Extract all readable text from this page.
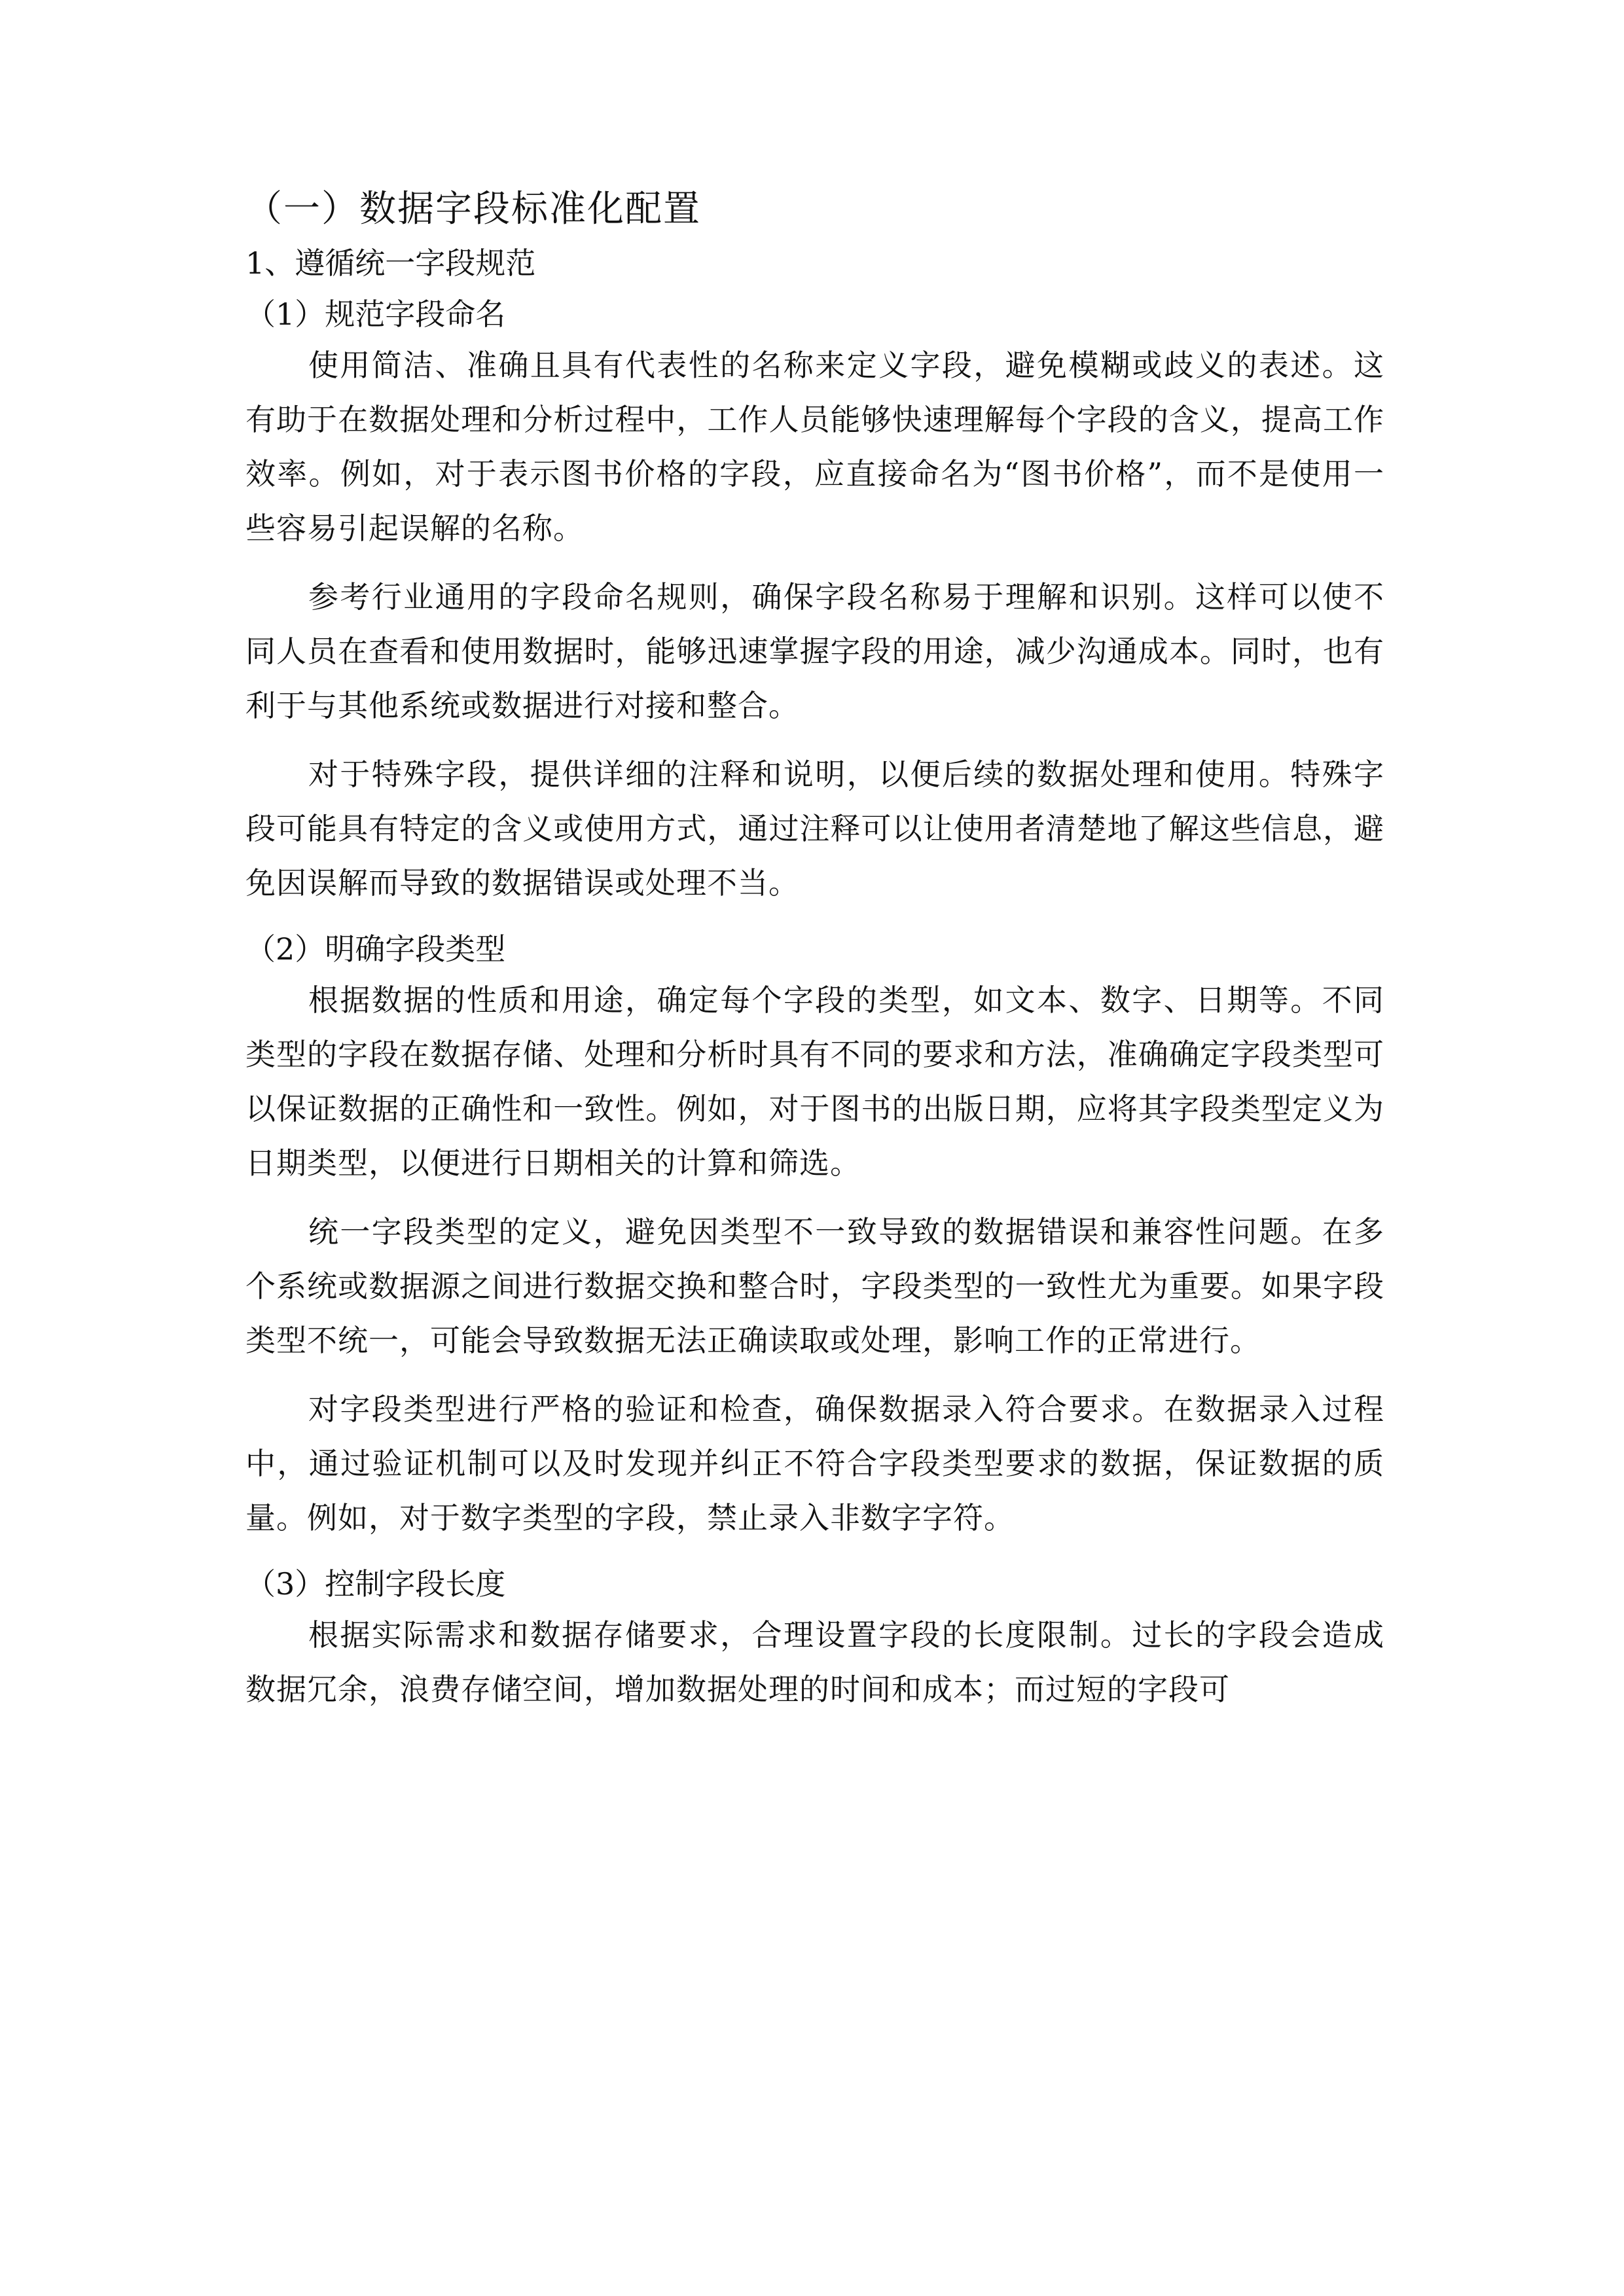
（一）数据字段标准化配置
1、遵循统一字段规范
（1）规范字段命名

使用简洁、准确且具有代表性的名称来定义字段，避免模糊或歧义的表述。这有助于在数据处理和分析过程中，工作人员能够快速理解每个字段的含义，提高工作效率。例如，对于表示图书价格的字段，应直接命名为“图书价格”，而不是使用一些容易引起误解的名称。

参考行业通用的字段命名规则，确保字段名称易于理解和识别。这样可以使不同人员在查看和使用数据时，能够迅速掌握字段的用途，减少沟通成本。同时，也有利于与其他系统或数据进行对接和整合。

对于特殊字段，提供详细的注释和说明，以便后续的数据处理和使用。特殊字段可能具有特定的含义或使用方式，通过注释可以让使用者清楚地了解这些信息，避免因误解而导致的数据错误或处理不当。

（2）明确字段类型

根据数据的性质和用途，确定每个字段的类型，如文本、数字、日期等。不同类型的字段在数据存储、处理和分析时具有不同的要求和方法，准确确定字段类型可以保证数据的正确性和一致性。例如，对于图书的出版日期，应将其字段类型定义为日期类型，以便进行日期相关的计算和筛选。

统一字段类型的定义，避免因类型不一致导致的数据错误和兼容性问题。在多个系统或数据源之间进行数据交换和整合时，字段类型的一致性尤为重要。如果字段类型不统一，可能会导致数据无法正确读取或处理，影响工作的正常进行。

对字段类型进行严格的验证和检查，确保数据录入符合要求。在数据录入过程中，通过验证机制可以及时发现并纠正不符合字段类型要求的数据，保证数据的质量。例如，对于数字类型的字段，禁止录入非数字字符。

（3）控制字段长度

根据实际需求和数据存储要求，合理设置字段的长度限制。过长的字段会造成数据冗余，浪费存储空间，增加数据处理的时间和成本；而过短的字段可
